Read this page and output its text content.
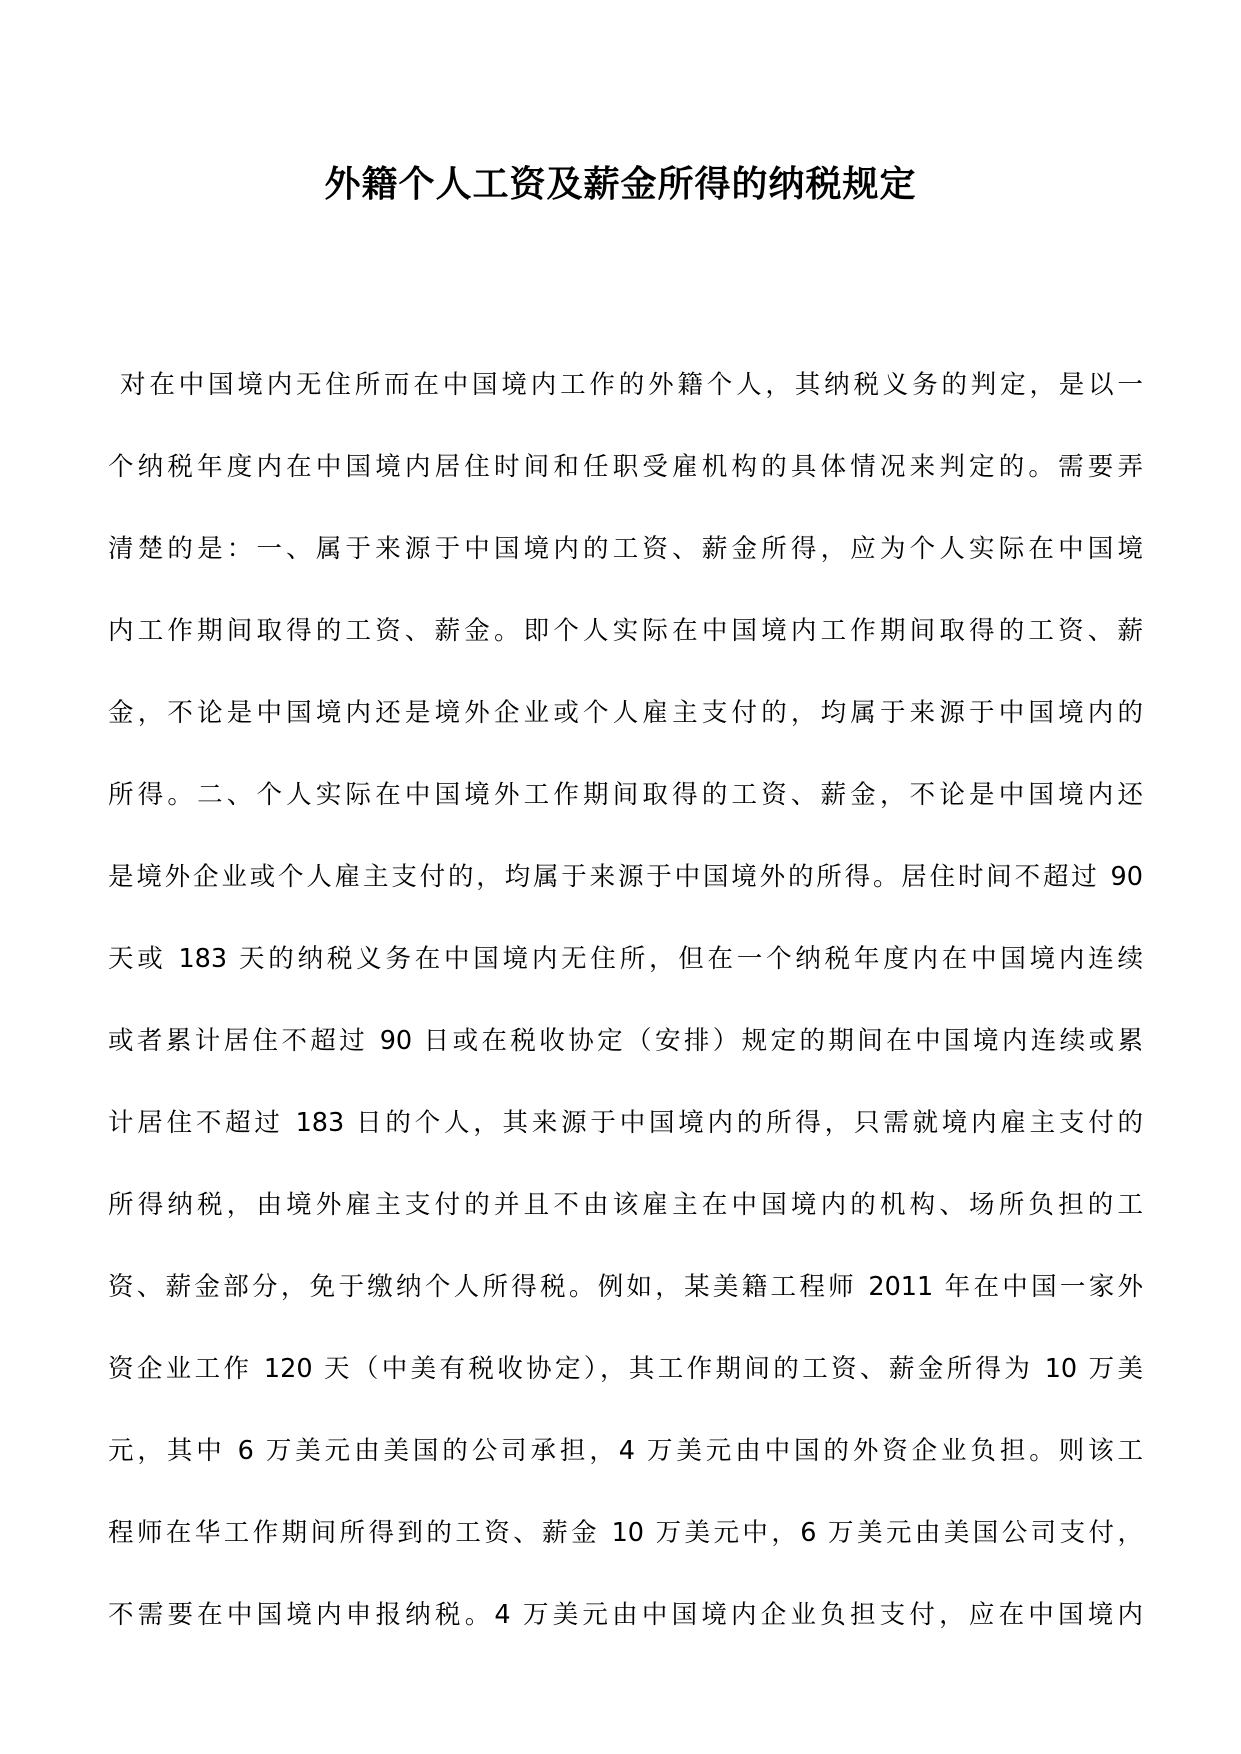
外籍个人工资及薪金所得的纳税规定
对在中国境内无住所而在中国境内工作的外籍个人，其纳税义务的判定，是以一
个纳税年度内在中国境内居住时间和任职受雇机构的具体情况来判定的。需要弄
清楚的是：一、属于来源于中国境内的工资、薪金所得，应为个人实际在中国境
内工作期间取得的工资、薪金。即个人实际在中国境内工作期间取得的工资、薪
金，不论是中国境内还是境外企业或个人雇主支付的，均属于来源于中国境内的
所得。二、个人实际在中国境外工作期间取得的工资、薪金，不论是中国境内还
是境外企业或个人雇主支付的，均属于来源于中国境外的所得。居住时间不超过 90
天或 183 天的纳税义务在中国境内无住所，但在一个纳税年度内在中国境内连续
或者累计居住不超过 90 日或在税收协定（安排）规定的期间在中国境内连续或累
计居住不超过 183 日的个人，其来源于中国境内的所得，只需就境内雇主支付的
所得纳税，由境外雇主支付的并且不由该雇主在中国境内的机构、场所负担的工
资、薪金部分，免于缴纳个人所得税。例如，某美籍工程师 2011 年在中国一家外
资企业工作 120 天（中美有税收协定），其工作期间的工资、薪金所得为 10 万美
元，其中 6 万美元由美国的公司承担，4 万美元由中国的外资企业负担。则该工
程师在华工作期间所得到的工资、薪金 10 万美元中，6 万美元由美国公司支付，
不需要在中国境内申报纳税。4 万美元由中国境内企业负担支付，应在中国境内
